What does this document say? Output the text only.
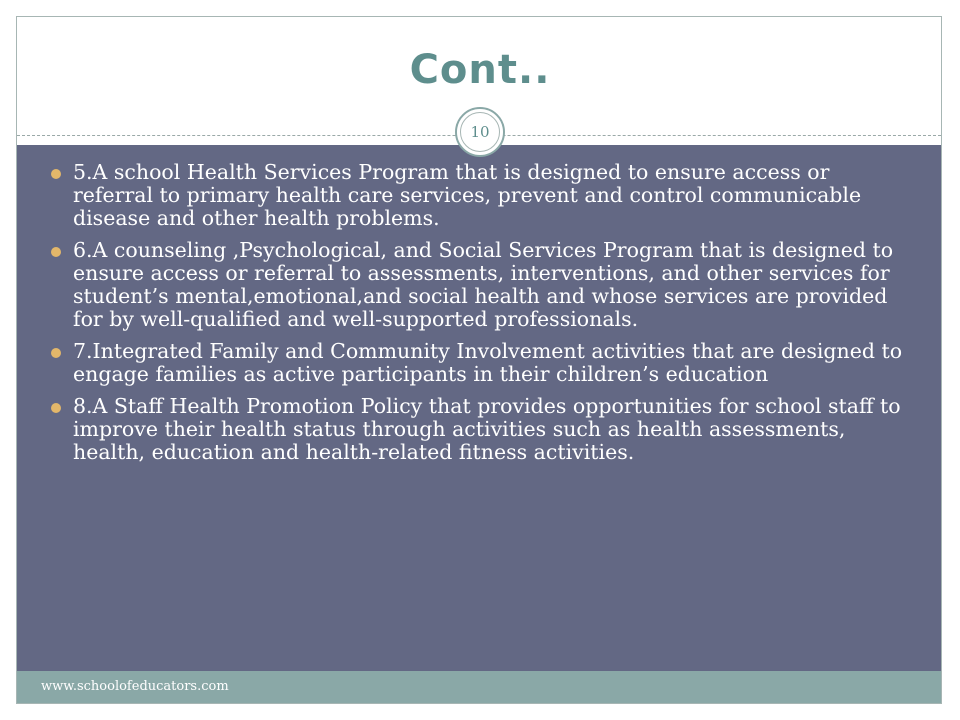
Cont..
5.A school Health Services Program that is designed to ensure access or referral to primary health care services, prevent and control communicable disease and other health problems.
6.A counseling ,Psychological, and Social Services Program that is designed to ensure access or referral to assessments, interventions, and other services for student’s mental,emotional,and social health and whose services are provided for by well-qualified and well-supported professionals.
7.Integrated Family and Community Involvement activities that are designed to engage families as active participants in their children’s education
8.A Staff Health Promotion Policy that provides opportunities for school staff to improve their health status through activities such as health assessments, health, education and health-related fitness activities.
www.schoolofeducators.com
10
